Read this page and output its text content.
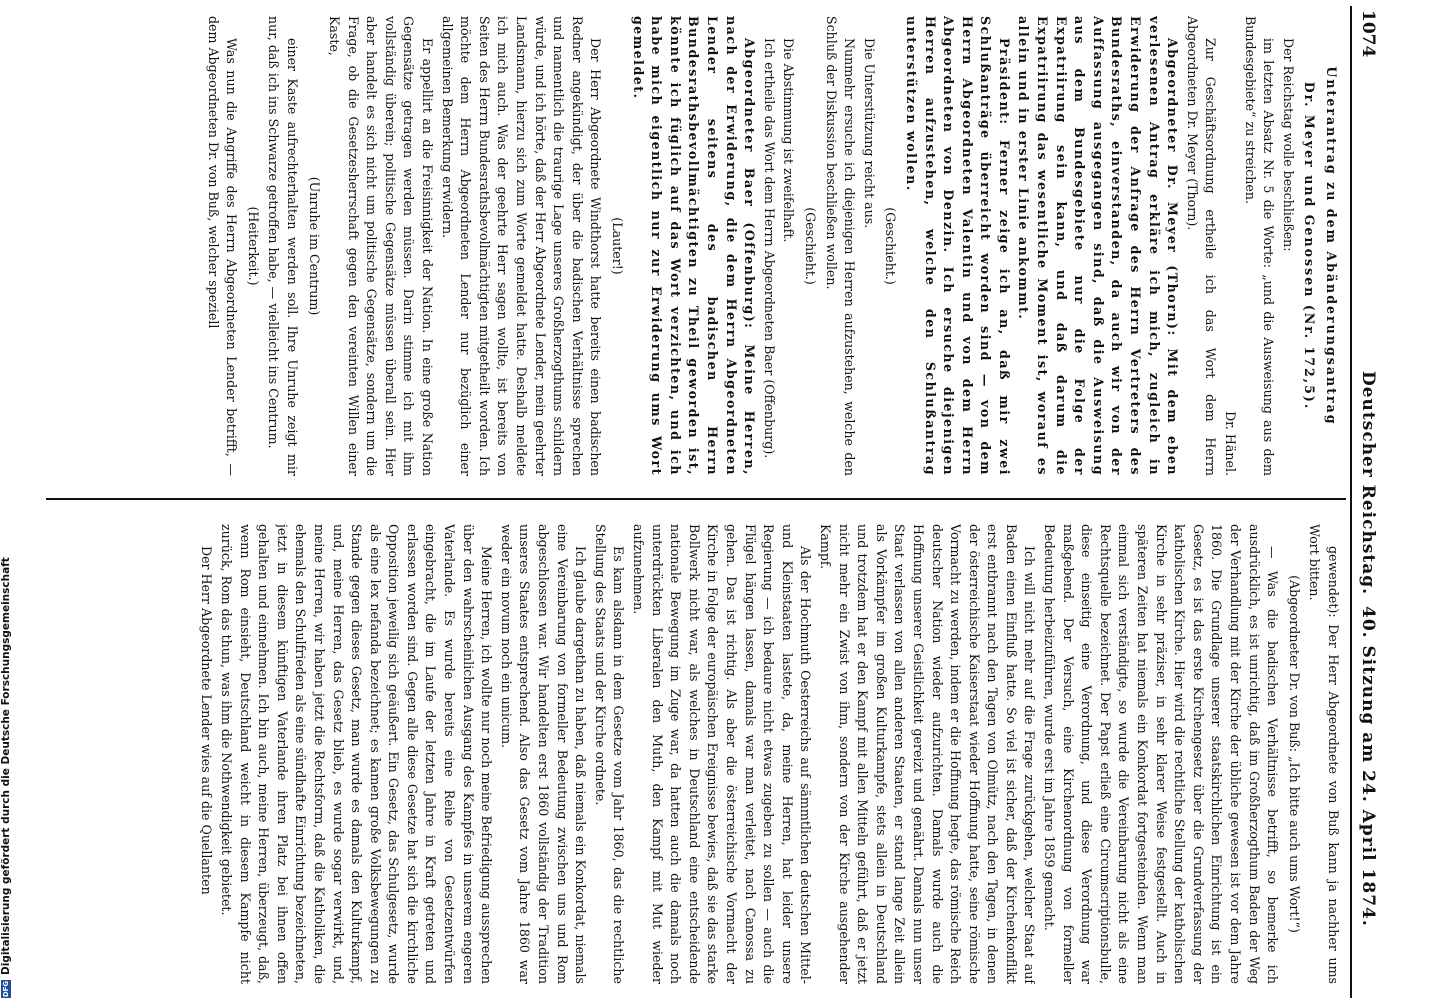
1074
Deutscher Reichstag.
40. Sitzung am 24. April 1874.

Unterantrag zu dem Abänderungsantrag

Dr. Meyer und Genossen (Nr. 172,5).

Der Reichstag wolle beschließen:

im letzten Absatz Nr. 5 die Worte: „und die Ausweisung aus dem Bundesgebiete“ zu streichen.

Dr. Hänel.

Zur Geschäftsordnung ertheile ich das Wort dem Herrn Abgeordneten Dr. Meyer (Thorn).

Abgeordneter Dr. Meyer (Thorn): Mit dem eben verlesenen Antrag erkläre ich mich, zugleich in Erwiderung der Anfrage des Herrn Vertreters des Bundesraths, einverstanden, da auch wir von der Auffassung ausgegangen sind, daß die Ausweisung aus dem Bundesgebiete nur die Folge der Expatriirung sein kann, und daß darum die Expatriirung das wesentliche Moment ist, worauf es allein und in erster Linie ankommt.

Präsident: Ferner zeige ich an, daß mir zwei Schlußanträge überreicht worden sind — von dem Herrn Abgeordneten Valentin und von dem Herrn Abgeordneten von Denzin. Ich ersuche diejenigen Herren aufzustehen, welche den Schlußantrag unterstützen wollen.

(Geschieht.)

Die Unterstützung reicht aus.

Nunmehr ersuche ich diejenigen Herren aufzustehen, welche den Schluß der Diskussion beschließen wollen.

(Geschieht.)

Die Abstimmung ist zweifelhaft.

Ich ertheile das Wort dem Herrn Abgeordneten Baer (Offenburg).

Abgeordneter Baer (Offenburg): Meine Herren, nach der Erwiderung, die dem Herrn Abgeordneten Lender seitens des badischen Herrn Bundesrathsbevollmächtigten zu Theil geworden ist, könnte ich füglich auf das Wort verzichten, und ich habe mich eigentlich nur zur Erwiderung ums Wort gemeldet.

(Lauter!)

Der Herr Abgeordnete Windthorst hatte bereits einen badischen Redner angekündigt, der über die badischen Verhältnisse sprechen und namentlich die traurige Lage unseres Großherzogthums schildern würde, und ich hörte, daß der Herr Abgeordnete Lender, mein geehrter Landsmann, hierzu sich zum Worte gemeldet hatte. Deshalb meldete ich mich auch. Was der geehrte Herr sagen wollte, ist bereits von Seiten des Herrn Bundesrathsbevollmächtigten mitgetheilt worden. Ich möchte dem Herrn Abgeordneten Lender nur bezüglich einer allgemeinen Bemerkung erwidern.

Er appellirt an die Freisinnigkeit der Nation. In eine große Nation Gegensätze getragen werden müssen. Darin stimme ich mit ihm vollständig überein; politische Gegensätze müssen überall sein. Hier aber handelt es sich nicht um politische Gegensätze, sondern um die Frage, ob die Gesetzesherrschaft gegen den vereinten Willen einer Kaste,

(Unruhe im Centrum)

einer Kaste aufrechterhalten werden soll. Ihre Unruhe zeigt mir nur, daß ich ins Schwarze getroffen habe, — vielleicht ins Centrum.

(Heiterkeit.)

Was nun die Angriffe des Herrn Abgeordneten Lender betrifft, — dem Abgeordneten Dr. von Buß, welcher speziell

gewendet): Der Herr Abgeordnete von Buß kann ja nachher ums Wort bitten.

(Abgeordneter Dr. von Buß: „Ich bitte auch ums Wort!“)

— Was die badischen Verhältnisse betrifft, so bemerke ich ausdrücklich, es ist unrichtig, daß im Großherzogthum Baden der Weg der Verhandlung mit der Kirche der übliche gewesen ist vor dem Jahre 1860. Die Grundlage unserer staatskirchlichen Einrichtung ist ein Gesetz, es ist das erste Kirchengesetz über die Grundverfassung der katholischen Kirche. Hier wird die rechtliche Stellung der katholischen Kirche in sehr präziser, in sehr klarer Weise festgestellt. Auch in späteren Zeiten hat niemals ein Konkordat fortgesteinden. Wenn man einmal sich verständigte, so wurde die Vereinbarung nicht als eine Rechtsquelle bezeichnet. Der Papst erließ eine Circumscriptionsbulle, diese einseitig eine Verordnung, und diese Verordnung war maßgebend. Der Versuch, eine Kirchenordnung von formeller Bedeutung herbeizuführen, wurde erst im Jahre 1859 gemacht.

Ich will nicht mehr auf die Frage zurückgehen, welcher Staat auf Baden einen Einfluß hatte. So viel ist sicher, daß der Kirchenkonflikt erst entbrannt nach den Tagen von Olmütz, nach den Tagen, in denen der österreichische Kaiserstaat wieder Hoffnung hatte, seine römische Vormacht zu werden, indem er die Hoffnung hegte, das römische Reich deutscher Nation wieder aufzurichten. Damals wurde auch die Hoffnung unserer Geistlichkeit gereizt und genährt. Damals nun unser Staat verlassen von allen anderen Staaten, er stand lange Zeit allein als Vorkämpfer im großen Kulturkampfe, stets allein in Deutschland und trotzdem hat er den Kampf mit allen Mitteln geführt, daß er jetzt nicht mehr ein Zwist von ihm, sondern von der Kirche ausgehender Kampf.

Als der Hochmuth Oesterreichs auf sämmtlichen deutschen Mittel- und Kleinstaaten lastete, da, meine Herren, hat leider unsere Regierung — ich bedaure nicht etwas zugeben zu sollen — auch die Flügel hängen lassen, damals war man verleitet, nach Canossa zu gehen. Das ist richtig. Als aber die österreichische Vormacht der Kirche in Folge der europäischen Ereignisse bewies, daß sie das starke Bollwerk nicht war, als welches in Deutschland eine entscheidende nationale Bewegung im Zuge war, da hatten auch die damals noch unterdrückten Liberalen den Muth, den Kampf mit Mut wieder aufzunehmen.

Es kam alsdann in dem Gesetze vom Jahr 1860, das die rechtliche Stellung des Staats und der Kirche ordnete.

Ich glaube dargethan zu haben, daß niemals ein Konkordat, niemals eine Vereinbarung von formeller Bedeutung zwischen uns und Rom abgeschlossen war. Wir handelten erst 1860 vollständig der Tradition unseres Staates entsprechend. Also das Gesetz vom Jahre 1860 war weder ein novum noch ein unicum.

Meine Herren, ich wollte nur noch meine Befriedigung aussprechen über den wahrscheinlichen Ausgang des Kampfes in unserem engeren Vaterlande. Es wurde bereits eine Reihe von Gesetzentwürfen eingebracht, die im Laufe der letzten Jahre in Kraft getreten und erlassen worden sind. Gegen alle diese Gesetze hat sich die kirchliche Opposition jeweilig sich geäußert. Ein Gesetz, das Schulgesetz, wurde als eine lex nefanda bezeichnet; es kamen große Volksbewegungen zu Stande gegen dieses Gesetz, man wurde es damals den Kulturkampf, und, meine Herren, das Gesetz blieb, es wurde sogar verwirkt, und, meine Herren, wir haben jetzt die Rechtsform, daß die Katholiken, die ehemals den Schulfrieden als eine sündhafte Einrichtung bezeichneten, jetzt in diesem künftigen Vaterlande ihren Platz bei ihnen offen gehalten und einnehmen. Ich bin auch, meine Herren, überzeugt, daß, wenn Rom einsieht, Deutschland weicht in diesem Kampfe nicht zurück, Rom das thun, was ihm die Nothwendigkeit gebietet.

Der Herr Abgeordnete Lender wies auf die Quellanten

DFGDigitalisierung gefördert durch die Deutsche Forschungsgemeinschaft
